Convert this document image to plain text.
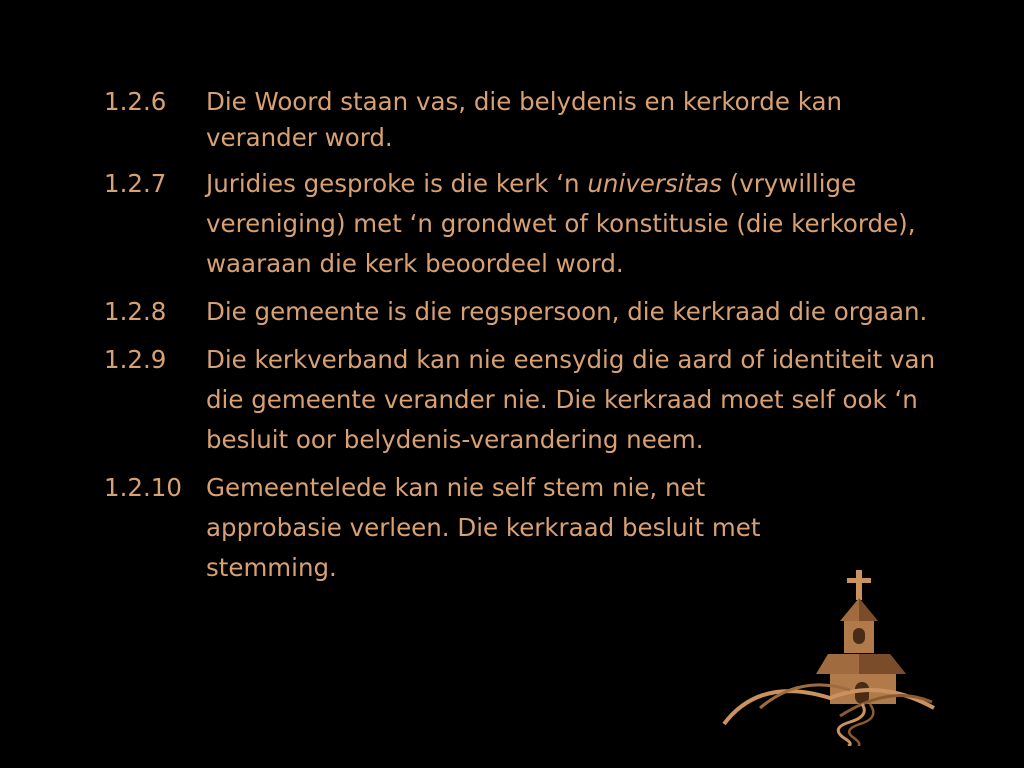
1.2.6	Die Woord staan vas, die belydenis en kerkorde kan verander word.
1.2.7	Juridies gesproke is die kerk ‘n universitas (vrywillige vereniging) met ‘n grondwet of konstitusie (die kerkorde), waaraan die kerk beoordeel word.
1.2.8	Die gemeente is die regspersoon, die kerkraad die orgaan.
1.2.9	Die kerkverband kan nie eensydig die aard of identiteit van die gemeente verander nie. Die kerkraad moet self ook ‘n besluit oor belydenis-verandering neem.
1.2.10 Gemeentelede kan nie self stem nie, net approbasie verleen. Die kerkraad besluit met stemming.
